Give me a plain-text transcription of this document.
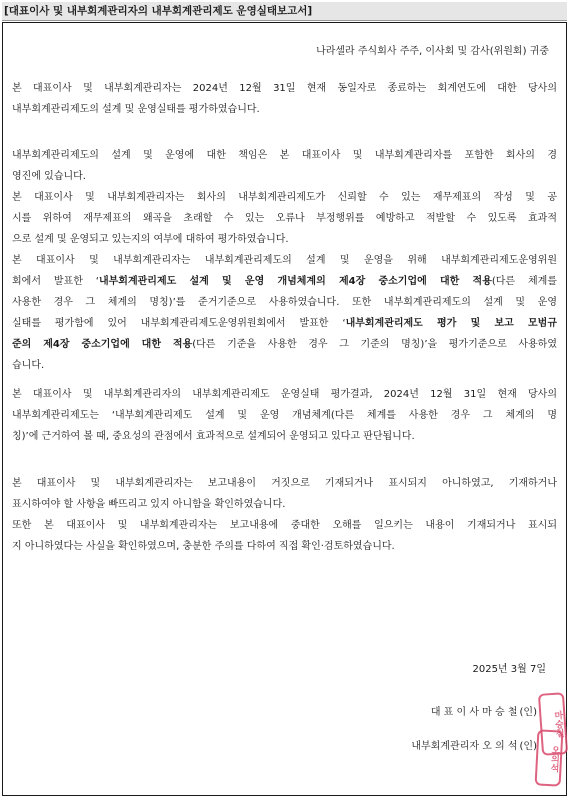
[대표이사 및 내부회계관리자의 내부회계관리제도 운영실태보고서]
나라셀라 주식회사 주주, 이사회 및 감사(위원회) 귀중
본 대표이사 및 내부회계관리자는 2024년 12월 31일 현재 동일자로 종료하는 회계연도에 대한 당사의
내부회계관리제도의 설계 및 운영실태를 평가하였습니다.
내부회계관리제도의 설계 및 운영에 대한 책임은 본 대표이사 및 내부회계관리자를 포함한 회사의 경
영진에 있습니다.
본 대표이사 및 내부회계관리자는 회사의 내부회계관리제도가 신뢰할 수 있는 재무제표의 작성 및 공
시를 위하여 재무제표의 왜곡을 초래할 수 있는 오류나 부정행위를 예방하고 적발할 수 있도록 효과적
으로 설계 및 운영되고 있는지의 여부에 대하여 평가하였습니다.
본 대표이사 및 내부회계관리자는 내부회계관리제도의 설계 및 운영을 위해 내부회계관리제도운영위원
회에서 발표한 ‘내부회계관리제도 설계 및 운영 개념체계의 제4장 중소기업에 대한 적용(다른 체계를
사용한 경우 그 체계의 명칭)’를 준거기준으로 사용하였습니다. 또한 내부회계관리제도의 설계 및 운영
실태를 평가함에 있어 내부회계관리제도운영위원회에서 발표한 ‘내부회계관리제도 평가 및 보고 모범규
준의 제4장 중소기업에 대한 적용(다른 기준을 사용한 경우 그 기준의 명칭)’을 평가기준으로 사용하였
습니다.
본 대표이사 및 내부회계관리자의 내부회계관리제도 운영실태 평가결과, 2024년 12월 31일 현재 당사의
내부회계관리제도는 ‘내부회계관리제도 설계 및 운영 개념체계(다른 체계를 사용한 경우 그 체계의 명
칭)’에 근거하여 볼 때, 중요성의 관점에서 효과적으로 설계되어 운영되고 있다고 판단됩니다.
본 대표이사 및 내부회계관리자는 보고내용이 거짓으로 기재되거나 표시되지 아니하였고, 기재하거나
표시하여야 할 사항을 빠뜨리고 있지 아니함을 확인하였습니다.
또한 본 대표이사 및 내부회계관리자는 보고내용에 중대한 오해를 일으키는 내용이 기재되거나 표시되
지 아니하였다는 사실을 확인하였으며, 충분한 주의를 다하여 직접 확인·검토하였습니다.
2025년 3월 7일
대 표 이 사 마 승 철 (인)
내부회계관리자 오 의 석 (인)
마승철
오의석
